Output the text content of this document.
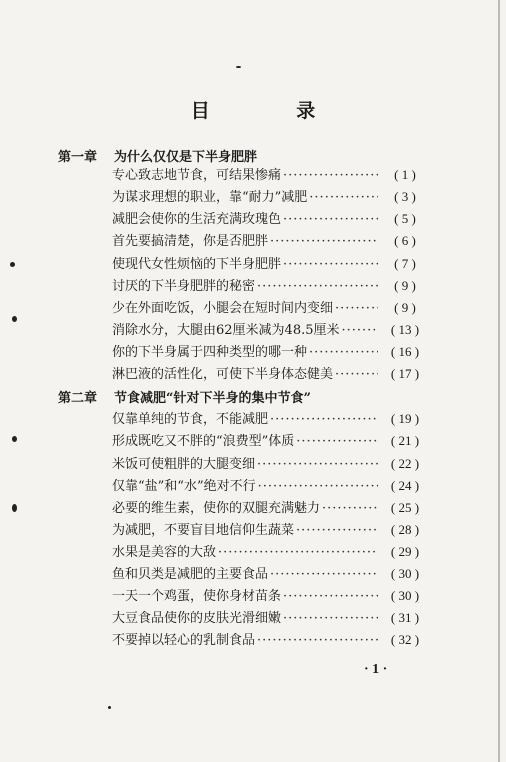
目 录
第一章 为什么仅仅是下半身肥胖
专心致志地节食，可结果惨痛 ·····	( 1 )
为谋求理想的职业，靠“耐力”减肥 ·····	( 3 )
减肥会使你的生活充满玫瑰色 ·····	( 5 )
首先要搞清楚，你是否肥胖 ·····	( 6 )
使现代女性烦恼的下半身肥胖 ·····	( 7 )
讨厌的下半身肥胖的秘密 ·····	( 9 )
少在外面吃饭，小腿会在短时间内变细 ·····	( 9 )
消除水分，大腿由62厘米减为48.5厘米 ·····	( 13 )
你的下半身属于四种类型的哪一种 ·····	( 16 )
淋巴液的活性化，可使下半身体态健美 ·····	( 17 )
第二章 节食减肥“针对下半身的集中节食”
仅靠单纯的节食，不能减肥 ·····	( 19 )
形成既吃又不胖的“浪费型”体质 ·····	( 21 )
米饭可使粗胖的大腿变细 ·····	( 22 )
仅靠“盐”和“水”绝对不行 ·····	( 24 )
必要的维生素，使你的双腿充满魅力 ·····	( 25 )
为减肥，不要盲目地信仰生蔬菜 ·····	( 28 )
水果是美容的大敌 ·····	( 29 )
鱼和贝类是减肥的主要食品 ·····	( 30 )
一天一个鸡蛋，使你身材苗条 ·····	( 30 )
大豆食品使你的皮肤光滑细嫩 ·····	( 31 )
不要掉以轻心的乳制食品 ·····	( 32 )
· 1 ·
